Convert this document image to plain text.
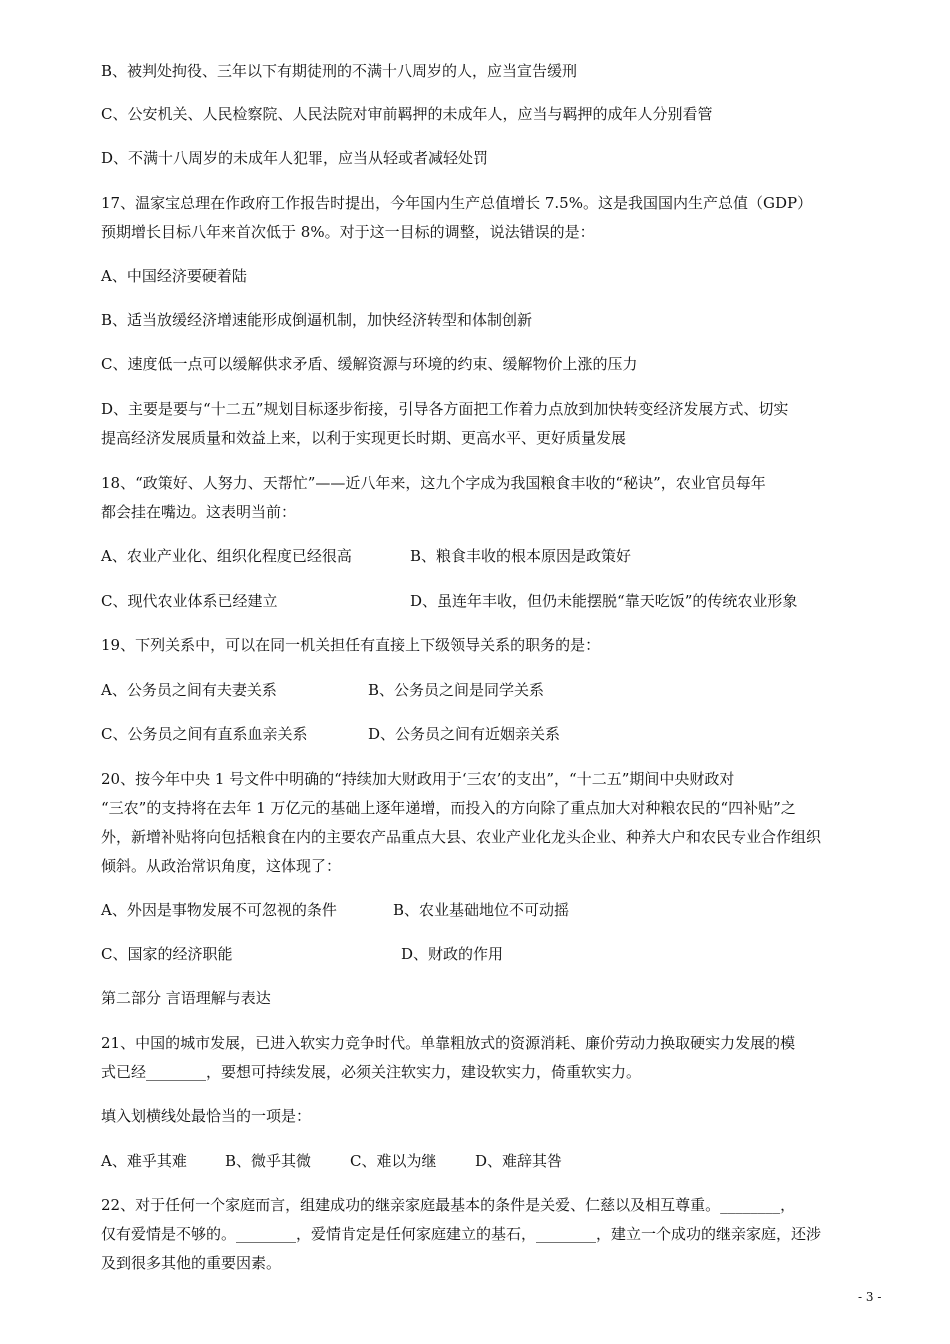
B、被判处拘役、三年以下有期徒刑的不满十八周岁的人，应当宣告缓刑
C、公安机关、人民检察院、人民法院对审前羁押的未成年人，应当与羁押的成年人分别看管
D、不满十八周岁的未成年人犯罪，应当从轻或者减轻处罚
17、温家宝总理在作政府工作报告时提出，今年国内生产总值增长 7.5%。这是我国国内生产总值（GDP）
预期增长目标八年来首次低于 8%。对于这一目标的调整，说法错误的是：
A、中国经济要硬着陆
B、适当放缓经济增速能形成倒逼机制，加快经济转型和体制创新
C、速度低一点可以缓解供求矛盾、缓解资源与环境的约束、缓解物价上涨的压力
D、主要是要与“十二五”规划目标逐步衔接，引导各方面把工作着力点放到加快转变经济发展方式、切实
提高经济发展质量和效益上来，以利于实现更长时期、更高水平、更好质量发展
18、“政策好、人努力、天帮忙”——近八年来，这九个字成为我国粮食丰收的“秘诀”，农业官员每年
都会挂在嘴边。这表明当前：
A、农业产业化、组织化程度已经很高	B、粮食丰收的根本原因是政策好
C、现代农业体系已经建立	D、虽连年丰收，但仍未能摆脱“靠天吃饭”的传统农业形象
19、下列关系中，可以在同一机关担任有直接上下级领导关系的职务的是：
A、公务员之间有夫妻关系	B、公务员之间是同学关系
C、公务员之间有直系血亲关系	D、公务员之间有近姻亲关系
20、按今年中央 1 号文件中明确的“持续加大财政用于‘三农’的支出”，“十二五”期间中央财政对
“三农”的支持将在去年 1 万亿元的基础上逐年递增，而投入的方向除了重点加大对种粮农民的“四补贴”之
外，新增补贴将向包括粮食在内的主要农产品重点大县、农业产业化龙头企业、种养大户和农民专业合作组织
倾斜。从政治常识角度，这体现了：
A、外因是事物发展不可忽视的条件	B、农业基础地位不可动摇
C、国家的经济职能	D、财政的作用
第二部分 言语理解与表达
21、中国的城市发展，已进入软实力竞争时代。单靠粗放式的资源消耗、廉价劳动力换取硬实力发展的模
式已经________，要想可持续发展，必须关注软实力，建设软实力，倚重软实力。
填入划横线处最恰当的一项是：
A、难乎其难	B、微乎其微	C、难以为继	D、难辞其咎
22、对于任何一个家庭而言，组建成功的继亲家庭最基本的条件是关爱、仁慈以及相互尊重。________，
仅有爱情是不够的。________，爱情肯定是任何家庭建立的基石，________，建立一个成功的继亲家庭，还涉
及到很多其他的重要因素。
- 3 -
